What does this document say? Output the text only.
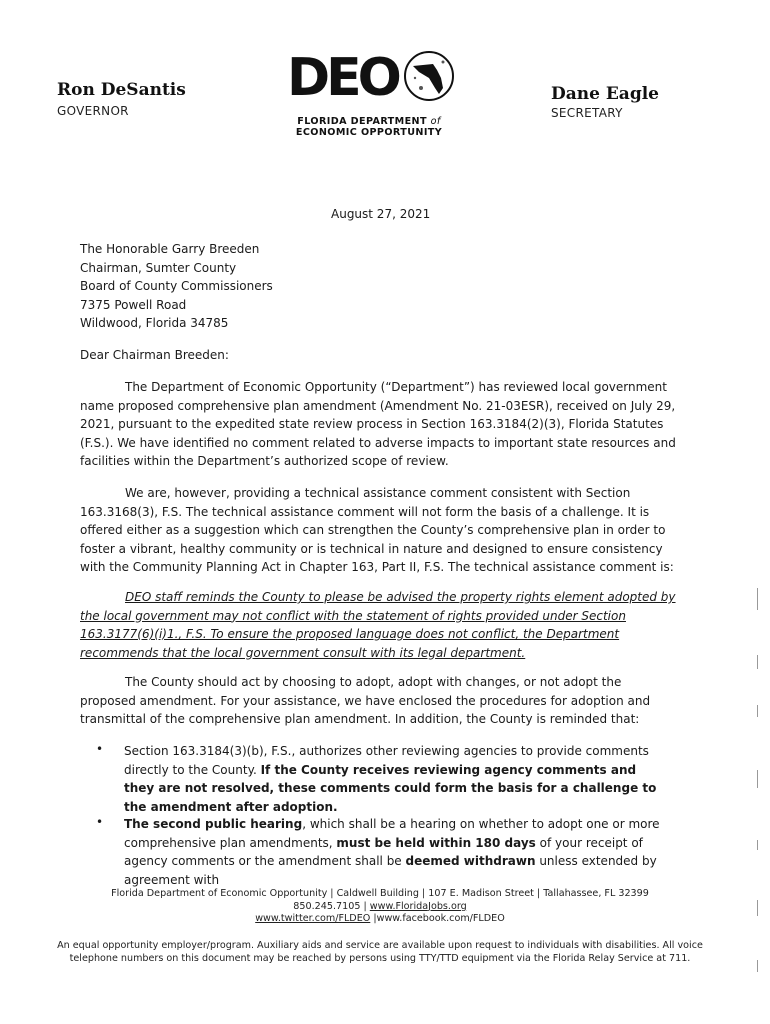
Ron DeSantis
GOVERNOR
DEO
FLORIDA DEPARTMENT of
ECONOMIC OPPORTUNITY
Dane Eagle
SECRETARY
August 27, 2021
The Honorable Garry Breeden
Chairman, Sumter County
Board of County Commissioners
7375 Powell Road
Wildwood, Florida 34785
Dear Chairman Breeden:

The Department of Economic Opportunity (“Department”) has reviewed local government name proposed comprehensive plan amendment (Amendment No. 21-03ESR), received on July 29, 2021, pursuant to the expedited state review process in Section 163.3184(2)(3), Florida Statutes (F.S.). We have identified no comment related to adverse impacts to important state resources and facilities within the Department’s authorized scope of review.

We are, however, providing a technical assistance comment consistent with Section 163.3168(3), F.S. The technical assistance comment will not form the basis of a challenge. It is offered either as a suggestion which can strengthen the County’s comprehensive plan in order to foster a vibrant, healthy community or is technical in nature and designed to ensure consistency with the Community Planning Act in Chapter 163, Part II, F.S. The technical assistance comment is:

DEO staff reminds the County to please be advised the property rights element adopted by the local government may not conflict with the statement of rights provided under Section 163.3177(6)(i)1., F.S. To ensure the proposed language does not conflict, the Department recommends that the local government consult with its legal department.

The County should act by choosing to adopt, adopt with changes, or not adopt the proposed amendment. For your assistance, we have enclosed the procedures for adoption and transmittal of the comprehensive plan amendment. In addition, the County is reminded that:

• Section 163.3184(3)(b), F.S., authorizes other reviewing agencies to provide comments directly to the County. If the County receives reviewing agency comments and they are not resolved, these comments could form the basis for a challenge to the amendment after adoption.

• The second public hearing, which shall be a hearing on whether to adopt one or more comprehensive plan amendments, must be held within 180 days of your receipt of agency comments or the amendment shall be deemed withdrawn unless extended by agreement with

Florida Department of Economic Opportunity | Caldwell Building | 107 E. Madison Street | Tallahassee, FL 32399
850.245.7105 | www.FloridaJobs.org
www.twitter.com/FLDEO |www.facebook.com/FLDEO
An equal opportunity employer/program. Auxiliary aids and service are available upon request to individuals with disabilities. All voice telephone numbers on this document may be reached by persons using TTY/TTD equipment via the Florida Relay Service at 711.
